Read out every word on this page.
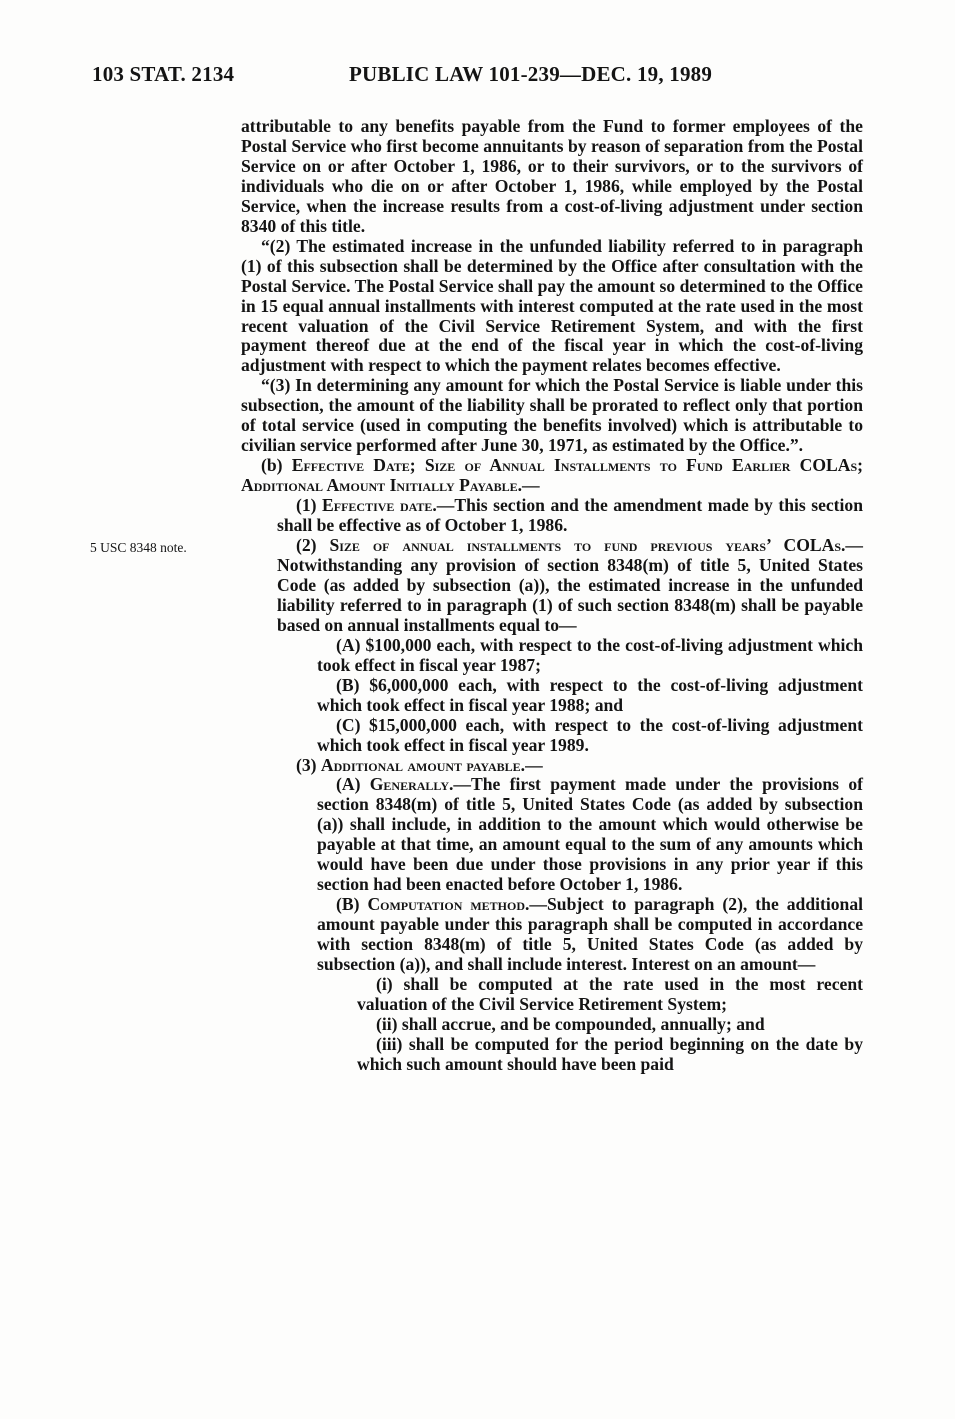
103 STAT. 2134	PUBLIC LAW 101-239—DEC. 19, 1989
5 USC 8348 note.

attributable to any benefits payable from the Fund to former employees of the Postal Service who first become annuitants by reason of separation from the Postal Service on or after October 1, 1986, or to their survivors, or to the survivors of individuals who die on or after October 1, 1986, while employed by the Postal Service, when the increase results from a cost-of-living adjustment under section 8340 of this title.

“(2) The estimated increase in the unfunded liability referred to in paragraph (1) of this subsection shall be determined by the Office after consultation with the Postal Service. The Postal Service shall pay the amount so determined to the Office in 15 equal annual installments with interest computed at the rate used in the most recent valuation of the Civil Service Retirement System, and with the first payment thereof due at the end of the fiscal year in which the cost-of-living adjustment with respect to which the payment relates becomes effective.

“(3) In determining any amount for which the Postal Service is liable under this subsection, the amount of the liability shall be prorated to reflect only that portion of total service (used in computing the benefits involved) which is attributable to civilian service performed after June 30, 1971, as estimated by the Office.”.

(b) Effective Date; Size of Annual Installments to Fund Earlier COLAs; Additional Amount Initially Payable.—

(1) Effective date.—This section and the amendment made by this section shall be effective as of October 1, 1986.

(2) Size of annual installments to fund previous years’ COLAs.—Notwithstanding any provision of section 8348(m) of title 5, United States Code (as added by subsection (a)), the estimated increase in the unfunded liability referred to in paragraph (1) of such section 8348(m) shall be payable based on annual installments equal to—

(A) $100,000 each, with respect to the cost-of-living adjustment which took effect in fiscal year 1987;

(B) $6,000,000 each, with respect to the cost-of-living adjustment which took effect in fiscal year 1988; and

(C) $15,000,000 each, with respect to the cost-of-living adjustment which took effect in fiscal year 1989.

(3) Additional amount payable.—

(A) Generally.—The first payment made under the provisions of section 8348(m) of title 5, United States Code (as added by subsection (a)) shall include, in addition to the amount which would otherwise be payable at that time, an amount equal to the sum of any amounts which would have been due under those provisions in any prior year if this section had been enacted before October 1, 1986.

(B) Computation method.—Subject to paragraph (2), the additional amount payable under this paragraph shall be computed in accordance with section 8348(m) of title 5, United States Code (as added by subsection (a)), and shall include interest. Interest on an amount—

(i) shall be computed at the rate used in the most recent valuation of the Civil Service Retirement System;

(ii) shall accrue, and be compounded, annually; and

(iii) shall be computed for the period beginning on the date by which such amount should have been paid
